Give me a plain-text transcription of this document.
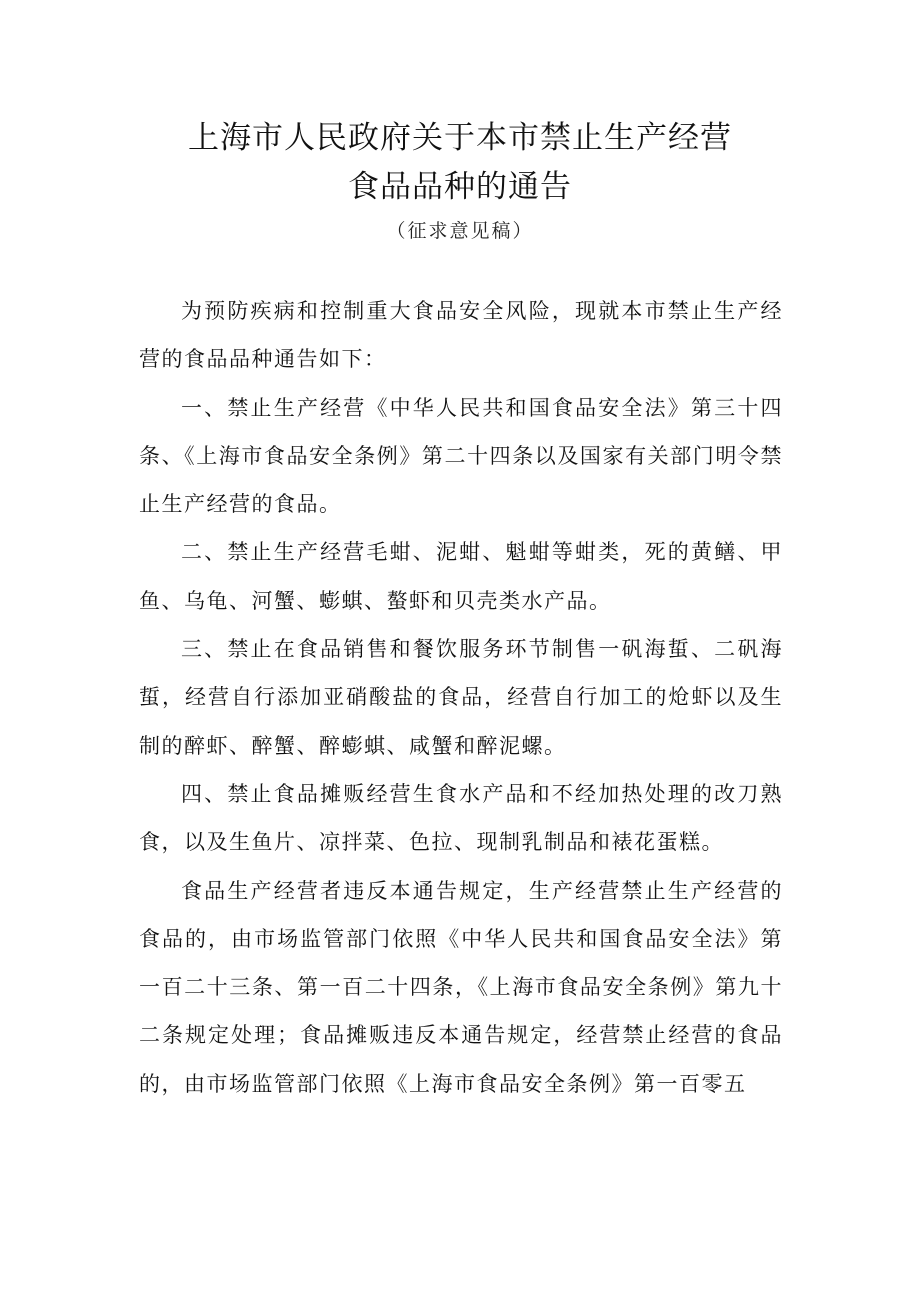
上海市人民政府关于本市禁止生产经营
食品品种的通告
（征求意见稿）

为预防疾病和控制重大食品安全风险，现就本市禁止生产经营的食品品种通告如下：

一、禁止生产经营《中华人民共和国食品安全法》第三十四条、《上海市食品安全条例》第二十四条以及国家有关部门明令禁止生产经营的食品。

二、禁止生产经营毛蚶、泥蚶、魁蚶等蚶类，死的黄鳝、甲鱼、乌龟、河蟹、蟛蜞、螯虾和贝壳类水产品。

三、禁止在食品销售和餐饮服务环节制售一矾海蜇、二矾海蜇，经营自行添加亚硝酸盐的食品，经营自行加工的炝虾以及生制的醉虾、醉蟹、醉蟛蜞、咸蟹和醉泥螺。

四、禁止食品摊贩经营生食水产品和不经加热处理的改刀熟食，以及生鱼片、凉拌菜、色拉、现制乳制品和裱花蛋糕。

食品生产经营者违反本通告规定，生产经营禁止生产经营的食品的，由市场监管部门依照《中华人民共和国食品安全法》第一百二十三条、第一百二十四条，《上海市食品安全条例》第九十二条规定处理；食品摊贩违反本通告规定，经营禁止经营的食品的，由市场监管部门依照《上海市食品安全条例》第一百零五
